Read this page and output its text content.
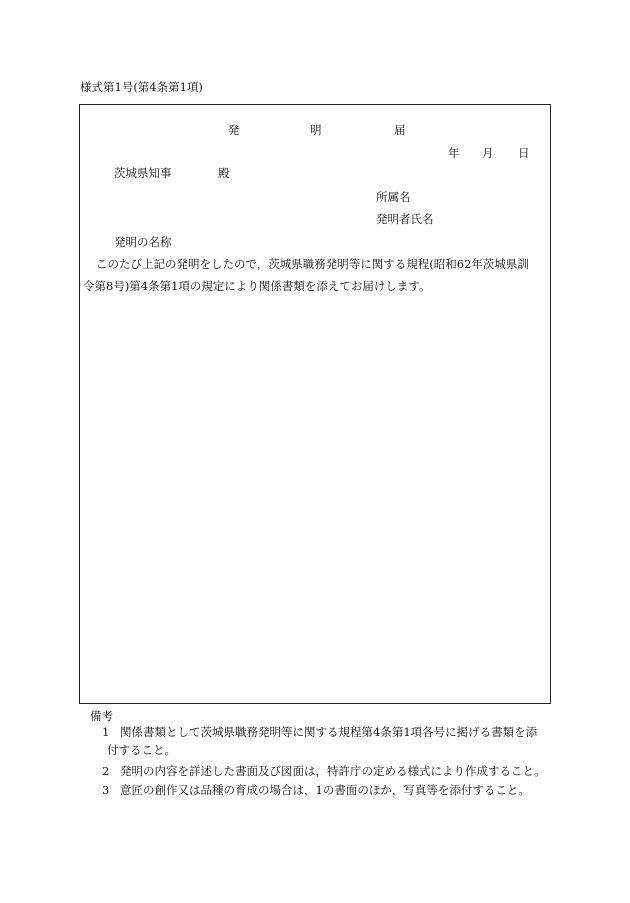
様式第1号(第4条第1項)
発	明	届
年 月 日
茨城県知事	殿
所属名
発明者氏名
発明の名称
このたび上記の発明をしたので，茨城県職務発明等に関する規程(昭和62年茨城県訓
令第8号)第4条第1項の規定により関係書類を添えてお届けします。
備考
1 関係書類として茨城県職務発明等に関する規程第4条第1項各号に掲げる書類を添
付すること。
2 発明の内容を詳述した書面及び図面は，特許庁の定める様式により作成すること。
3 意匠の創作又は品種の育成の場合は，1の書面のほか，写真等を添付すること。
